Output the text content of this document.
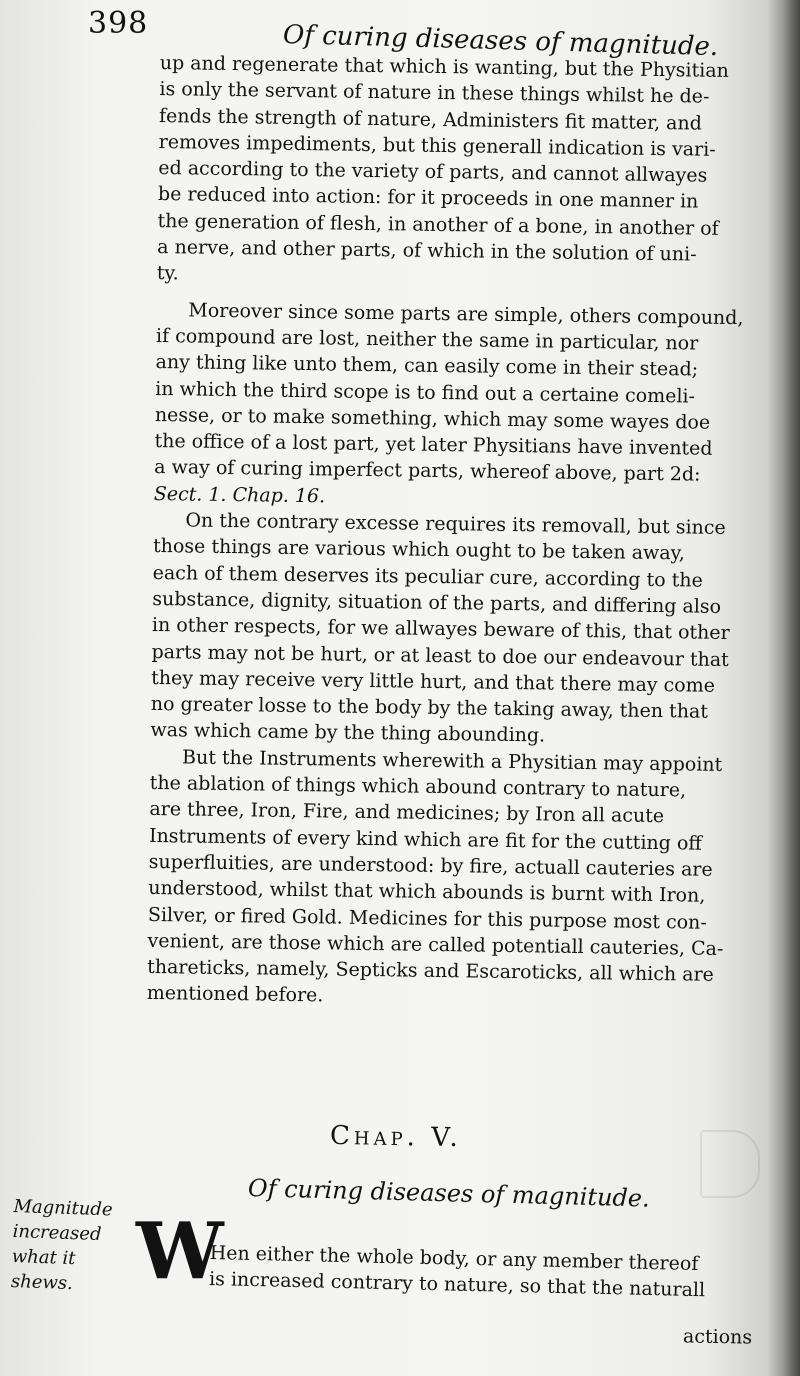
398	Of curing diseases of magnitude.
up and regenerate that which is wanting, but the Physitian
is only the servant of nature in these things whilst he de-
fends the strength of nature, Administers fit matter, and
removes impediments, but this generall indication is vari-
ed according to the variety of parts, and cannot allwayes
be reduced into action: for it proceeds in one manner in
the generation of flesh, in another of a bone, in another of
a nerve, and other parts, of which in the solution of uni-
ty.
Moreover since some parts are simple, others compound,
if compound are lost, neither the same in particular, nor
any thing like unto them, can easily come in their stead;
in which the third scope is to find out a certaine comeli-
nesse, or to make something, which may some wayes doe
the office of a lost part, yet later Physitians have invented
a way of curing imperfect parts, whereof above, part 2d:
Sect. 1. Chap. 16.
On the contrary excesse requires its removall, but since
those things are various which ought to be taken away,
each of them deserves its peculiar cure, according to the
substance, dignity, situation of the parts, and differing also
in other respects, for we allwayes beware of this, that other
parts may not be hurt, or at least to doe our endeavour that
they may receive very little hurt, and that there may come
no greater losse to the body by the taking away, then that
was which came by the thing abounding.
But the Instruments wherewith a Physitian may appoint
the ablation of things which abound contrary to nature,
are three, Iron, Fire, and medicines; by Iron all acute
Instruments of every kind which are fit for the cutting off
superfluities, are understood: by fire, actuall cauteries are
understood, whilst that which abounds is burnt with Iron,
Silver, or fired Gold. Medicines for this purpose most con-
venient, are those which are called potentiall cauteries, Ca-
thareticks, namely, Septicks and Escaroticks, all which are
mentioned before.
Chap. V.
Of curing diseases of magnitude.
Magnitude
increased
what it
shews. W
Hen either the whole body, or any member thereof
is increased contrary to nature, so that the naturall
actions
